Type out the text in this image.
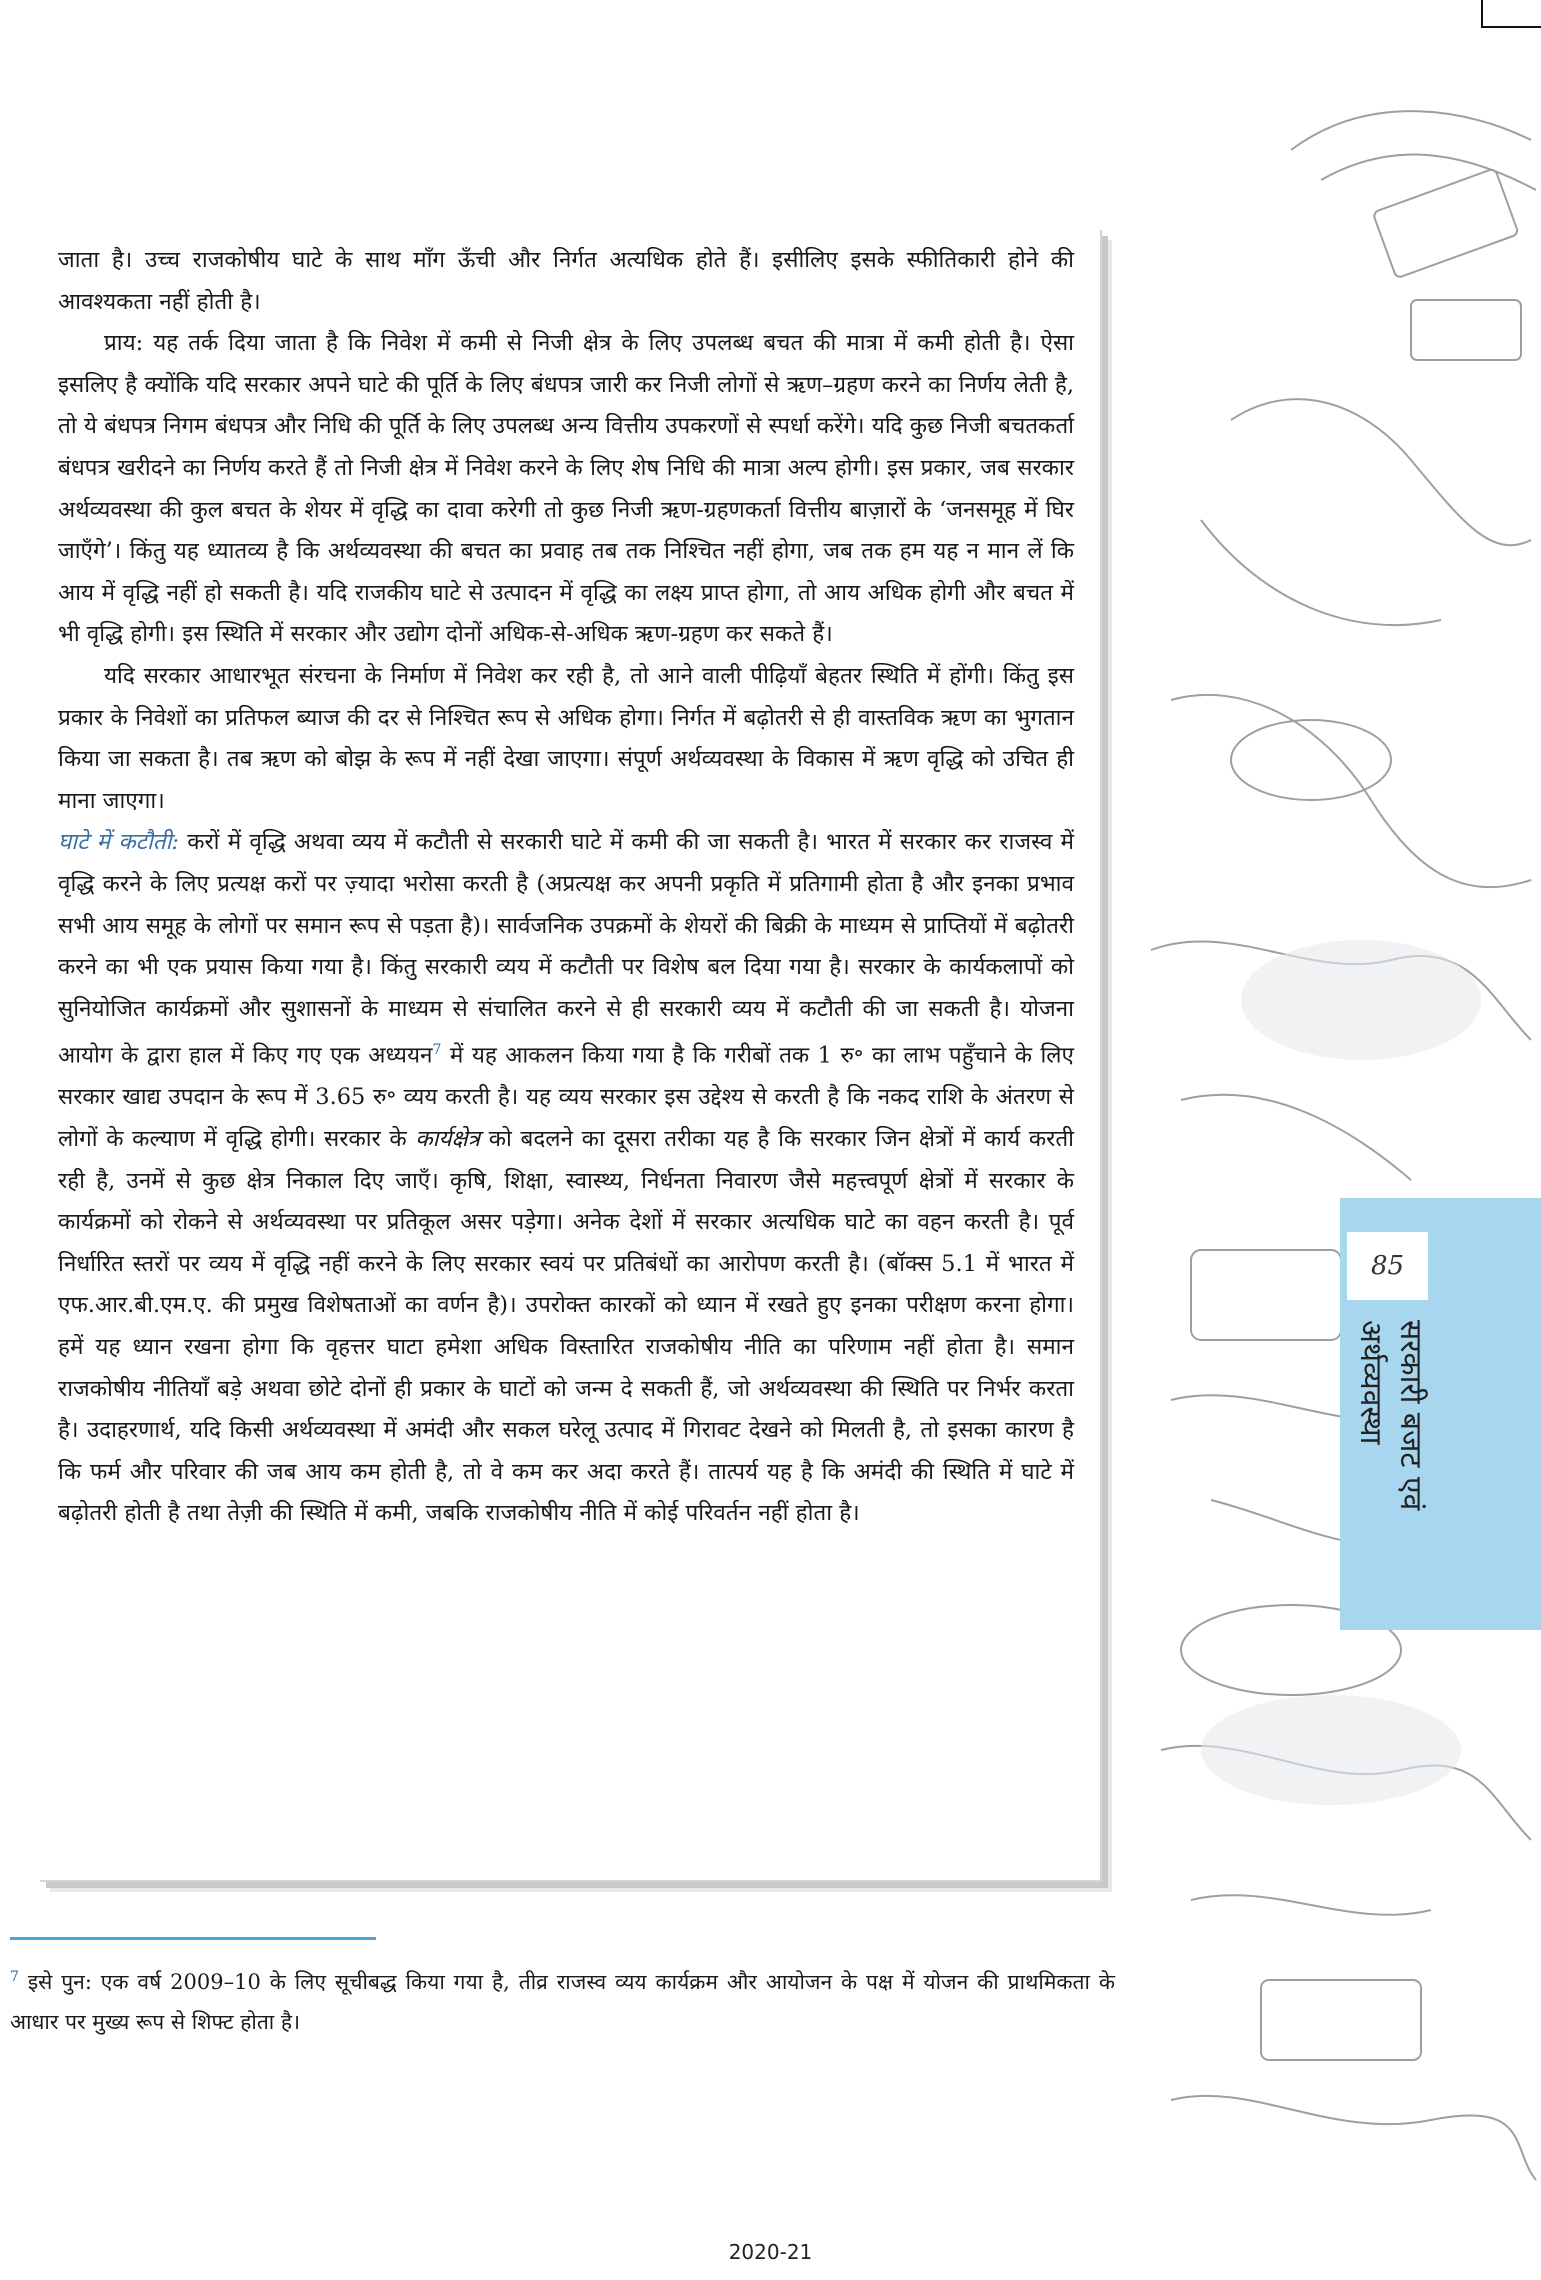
जाता है। उच्च राजकोषीय घाटे के साथ माँग ऊँची और निर्गत अत्यधिक होते हैं। इसीलिए इसके स्फीतिकारी होने की आवश्यकता नहीं होती है।

प्राय: यह तर्क दिया जाता है कि निवेश में कमी से निजी क्षेत्र के लिए उपलब्ध बचत की मात्रा में कमी होती है। ऐसा इसलिए है क्योंकि यदि सरकार अपने घाटे की पूर्ति के लिए बंधपत्र जारी कर निजी लोगों से ऋण–ग्रहण करने का निर्णय लेती है, तो ये बंधपत्र निगम बंधपत्र और निधि की पूर्ति के लिए उपलब्ध अन्य वित्तीय उपकरणों से स्पर्धा करेंगे। यदि कुछ निजी बचतकर्ता बंधपत्र खरीदने का निर्णय करते हैं तो निजी क्षेत्र में निवेश करने के लिए शेष निधि की मात्रा अल्प होगी। इस प्रकार, जब सरकार अर्थव्यवस्था की कुल बचत के शेयर में वृद्धि का दावा करेगी तो कुछ निजी ऋण-ग्रहणकर्ता वित्तीय बाज़ारों के ‘जनसमूह में घिर जाएँगे’। किंतु यह ध्यातव्य है कि अर्थव्यवस्था की बचत का प्रवाह तब तक निश्चित नहीं होगा, जब तक हम यह न मान लें कि आय में वृद्धि नहीं हो सकती है। यदि राजकीय घाटे से उत्पादन में वृद्धि का लक्ष्य प्राप्त होगा, तो आय अधिक होगी और बचत में भी वृद्धि होगी। इस स्थिति में सरकार और उद्योग दोनों अधिक-से-अधिक ऋण-ग्रहण कर सकते हैं।

यदि सरकार आधारभूत संरचना के निर्माण में निवेश कर रही है, तो आने वाली पीढ़ियाँ बेहतर स्थिति में होंगी। किंतु इस प्रकार के निवेशों का प्रतिफल ब्याज की दर से निश्चित रूप से अधिक होगा। निर्गत में बढ़ोतरी से ही वास्तविक ऋण का भुगतान किया जा सकता है। तब ऋण को बोझ के रूप में नहीं देखा जाएगा। संपूर्ण अर्थव्यवस्था के विकास में ऋण वृद्धि को उचित ही माना जाएगा।

घाटे में कटौती: करों में वृद्धि अथवा व्यय में कटौती से सरकारी घाटे में कमी की जा सकती है। भारत में सरकार कर राजस्व में वृद्धि करने के लिए प्रत्यक्ष करों पर ज़्यादा भरोसा करती है (अप्रत्यक्ष कर अपनी प्रकृति में प्रतिगामी होता है और इनका प्रभाव सभी आय समूह के लोगों पर समान रूप से पड़ता है)। सार्वजनिक उपक्रमों के शेयरों की बिक्री के माध्यम से प्राप्तियों में बढ़ोतरी करने का भी एक प्रयास किया गया है। किंतु सरकारी व्यय में कटौती पर विशेष बल दिया गया है। सरकार के कार्यकलापों को सुनियोजित कार्यक्रमों और सुशासनों के माध्यम से संचालित करने से ही सरकारी व्यय में कटौती की जा सकती है। योजना आयोग के द्वारा हाल में किए गए एक अध्ययन$^7$ में यह आकलन किया गया है कि गरीबों तक 1 रु॰ का लाभ पहुँचाने के लिए सरकार खाद्य उपदान के रूप में 3.65 रु॰ व्यय करती है। यह व्यय सरकार इस उद्देश्य से करती है कि नकद राशि के अंतरण से लोगों के कल्याण में वृद्धि होगी। सरकार के कार्यक्षेत्र को बदलने का दूसरा तरीका यह है कि सरकार जिन क्षेत्रों में कार्य करती रही है, उनमें से कुछ क्षेत्र निकाल दिए जाएँ। कृषि, शिक्षा, स्वास्थ्य, निर्धनता निवारण जैसे महत्त्वपूर्ण क्षेत्रों में सरकार के कार्यक्रमों को रोकने से अर्थव्यवस्था पर प्रतिकूल असर पड़ेगा। अनेक देशों में सरकार अत्यधिक घाटे का वहन करती है। पूर्व निर्धारित स्तरों पर व्यय में वृद्धि नहीं करने के लिए सरकार स्वयं पर प्रतिबंधों का आरोपण करती है। (बॉक्स 5.1 में भारत में एफ.आर.बी.एम.ए. की प्रमुख विशेषताओं का वर्णन है)। उपरोक्त कारकों को ध्यान में रखते हुए इनका परीक्षण करना होगा। हमें यह ध्यान रखना होगा कि वृहत्तर घाटा हमेशा अधिक विस्तारित राजकोषीय नीति का परिणाम नहीं होता है। समान राजकोषीय नीतियाँ बड़े अथवा छोटे दोनों ही प्रकार के घाटों को जन्म दे सकती हैं, जो अर्थव्यवस्था की स्थिति पर निर्भर करता है। उदाहरणार्थ, यदि किसी अर्थव्यवस्था में अमंदी और सकल घरेलू उत्पाद में गिरावट देखने को मिलती है, तो इसका कारण है कि फर्म और परिवार की जब आय कम होती है, तो वे कम कर अदा करते हैं। तात्पर्य यह है कि अमंदी की स्थिति में घाटे में बढ़ोतरी होती है तथा तेज़ी की स्थिति में कमी, जबकि राजकोषीय नीति में कोई परिवर्तन नहीं होता है।

$^7$ इसे पुन: एक वर्ष 2009–10 के लिए सूचीबद्ध किया गया है, तीव्र राजस्व व्यय कार्यक्रम और आयोजन के पक्ष में योजन की प्राथमिकता के आधार पर मुख्य रूप से शिफ्ट होता है।
85
सरकारी बजट एवं अर्थव्यवस्था
2020-21
